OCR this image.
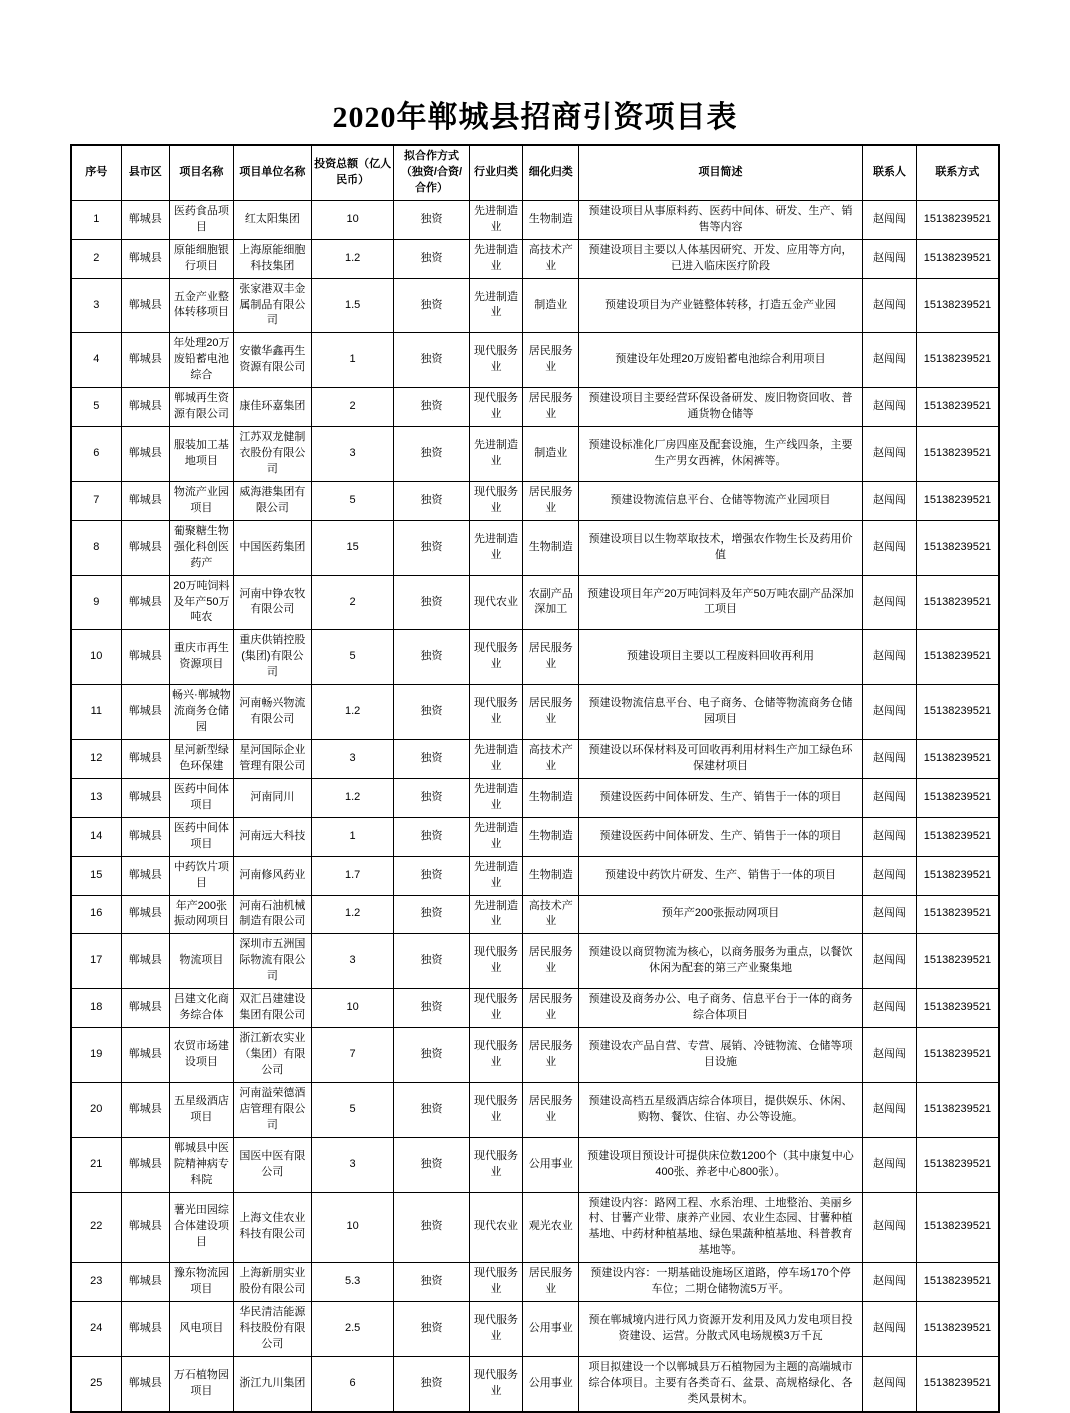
2020年郸城县招商引资项目表
序号	县市区	项目名称	项目单位名称	投资总额（亿人民币）	拟合作方式（独资/合资/合作）	行业归类	细化归类	项目简述	联系人	联系方式
1	郸城县	医药食品项目	红太阳集团	10	独资	先进制造业	生物制造	预建设项目从事原料药、医药中间体、研发、生产、销售等内容	赵闯闯	15138239521
2	郸城县	原能细胞银行项目	上海原能细胞科技集团	1.2	独资	先进制造业	高技术产业	预建设项目主要以人体基因研究、开发、应用等方向，已进入临床医疗阶段	赵闯闯	15138239521
3	郸城县	五金产业整体转移项目	张家港双丰金属制品有限公司	1.5	独资	先进制造业	制造业	预建设项目为产业链整体转移，打造五金产业园	赵闯闯	15138239521
4	郸城县	年处理20万废铅蓄电池综合	安徽华鑫再生资源有限公司	1	独资	现代服务业	居民服务业	预建设年处理20万废铅蓄电池综合利用项目	赵闯闯	15138239521
5	郸城县	郸城再生资源有限公司	康佳环嘉集团	2	独资	现代服务业	居民服务业	预建设项目主要经营环保设备研发、废旧物资回收、普通货物仓储等	赵闯闯	15138239521
6	郸城县	服装加工基地项目	江苏双龙健制衣股份有限公司	3	独资	先进制造业	制造业	预建设标准化厂房四座及配套设施，生产线四条，主要生产男女西裤，休闲裤等。	赵闯闯	15138239521
7	郸城县	物流产业园项目	威海港集团有限公司	5	独资	现代服务业	居民服务业	预建设物流信息平台、仓储等物流产业园项目	赵闯闯	15138239521
8	郸城县	葡聚糖生物强化科创医药产	中国医药集团	15	独资	先进制造业	生物制造	预建设项目以生物萃取技术，增强农作物生长及药用价值	赵闯闯	15138239521
9	郸城县	20万吨饲料及年产50万吨农	河南中铮农牧有限公司	2	独资	现代农业	农副产品深加工	预建设项目年产20万吨饲料及年产50万吨农副产品深加工项目	赵闯闯	15138239521
10	郸城县	重庆市再生资源项目	重庆供销控股(集团)有限公司	5	独资	现代服务业	居民服务业	预建设项目主要以工程废料回收再利用	赵闯闯	15138239521
11	郸城县	畅兴·郸城物流商务仓储园	河南畅兴物流有限公司	1.2	独资	现代服务业	居民服务业	预建设物流信息平台、电子商务、仓储等物流商务仓储园项目	赵闯闯	15138239521
12	郸城县	星河新型绿色环保建	星河国际企业管理有限公司	3	独资	先进制造业	高技术产业	预建设以环保材料及可回收再利用材料生产加工绿色环保建材项目	赵闯闯	15138239521
13	郸城县	医药中间体项目	河南同川	1.2	独资	先进制造业	生物制造	预建设医药中间体研发、生产、销售于一体的项目	赵闯闯	15138239521
14	郸城县	医药中间体项目	河南远大科技	1	独资	先进制造业	生物制造	预建设医药中间体研发、生产、销售于一体的项目	赵闯闯	15138239521
15	郸城县	中药饮片项目	河南修风药业	1.7	独资	先进制造业	生物制造	预建设中药饮片研发、生产、销售于一体的项目	赵闯闯	15138239521
16	郸城县	年产200张振动网项目	河南石油机械制造有限公司	1.2	独资	先进制造业	高技术产业	预年产200张振动网项目	赵闯闯	15138239521
17	郸城县	物流项目	深圳市五洲国际物流有限公司	3	独资	现代服务业	居民服务业	预建设以商贸物流为核心，以商务服务为重点，以餐饮休闲为配套的第三产业聚集地	赵闯闯	15138239521
18	郸城县	吕建文化商务综合体	双汇吕建建设集团有限公司	10	独资	现代服务业	居民服务业	预建设及商务办公、电子商务、信息平台于一体的商务综合体项目	赵闯闯	15138239521
19	郸城县	农贸市场建设项目	浙江新农实业（集团）有限公司	7	独资	现代服务业	居民服务业	预建设农产品自营、专营、展销、冷链物流、仓储等项目设施	赵闯闯	15138239521
20	郸城县	五星级酒店项目	河南溢荣德酒店管理有限公司	5	独资	现代服务业	居民服务业	预建设高档五星级酒店综合体项目，提供娱乐、休闲、购物、餐饮、住宿、办公等设施。	赵闯闯	15138239521
21	郸城县	郸城县中医院精神病专科院	国医中医有限公司	3	独资	现代服务业	公用事业	预建设项目预设计可提供床位数1200个（其中康复中心400张、养老中心800张）。	赵闯闯	15138239521
22	郸城县	薯光田园综合体建设项目	上海文佳农业科技有限公司	10	独资	现代农业	观光农业	预建设内容：路网工程、水系治理、土地整治、美丽乡村、甘薯产业带、康养产业园、农业生态园、甘薯种植基地、中药材种植基地、绿色果蔬种植基地、科普教育基地等。	赵闯闯	15138239521
23	郸城县	豫东物流园项目	上海新朋实业股份有限公司	5.3	独资	现代服务业	居民服务业	预建设内容：一期基础设施场区道路，停车场170个停车位；二期仓储物流5万平。	赵闯闯	15138239521
24	郸城县	风电项目	华民清洁能源科技股份有限公司	2.5	独资	现代服务业	公用事业	预在郸城境内进行风力资源开发利用及风力发电项目投资建设、运营。分散式风电场规模3万千瓦	赵闯闯	15138239521
25	郸城县	万石植物园项目	浙江九川集团	6	独资	现代服务业	公用事业	项目拟建设一个以郸城县万石植物园为主题的高端城市综合体项目。主要有各类奇石、盆景、高规格绿化、各类风景树木。	赵闯闯	15138239521
